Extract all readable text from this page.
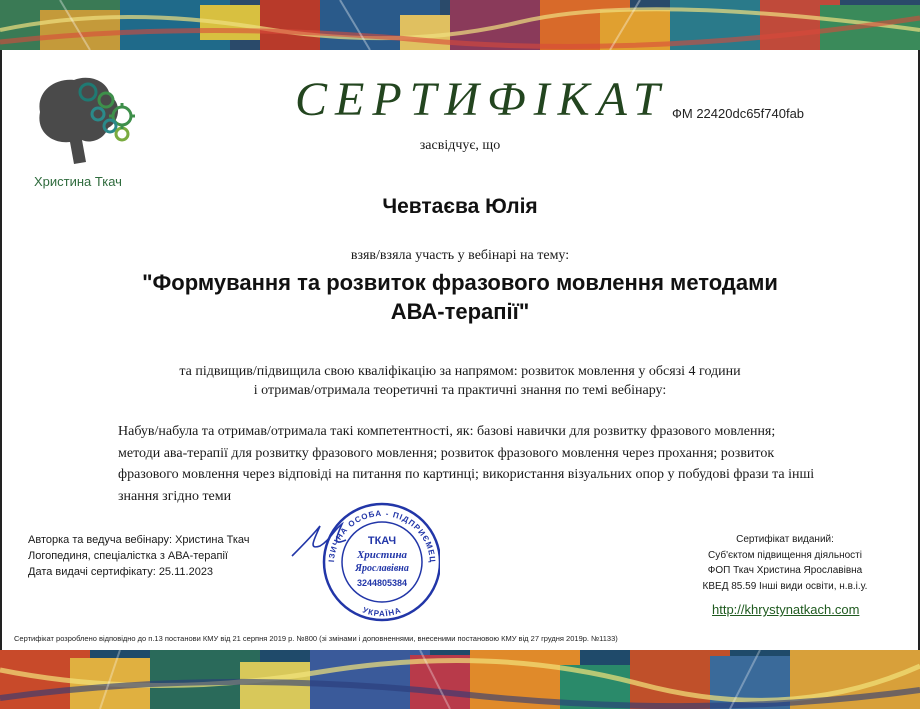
Христина Ткач
СЕРТИФІКАТ ФМ 22420dc65f740fab
засвідчує, що
Чевтаєва Юлія
взяв/взяла участь у вебінарі на тему:
"Формування та розвиток фразового мовлення методами
АВА-терапії"
та підвищив/підвищила свою кваліфікацію за напрямом: розвиток мовлення у обсязі 4 години
і отримав/отримала теоретичні та практичні знання по темі вебінару:
Набув/набула та отримав/отримала такі компетентності, як: базові навички для розвитку фразового мовлення; методи ава-терапії для розвитку фразового мовлення; розвиток фразового мовлення через прохання; розвиток фразового мовлення через відповіді на питання по картинці; використання візуальних опор у побудові фрази та інші знання згідно теми
Авторка та ведуча вебінару: Христина Ткач
Логопединя, спеціалістка з АВА-терапії
Дата видачі сертифікату: 25.11.2023
ІЗИЧНА ОСОБА - ПІДПРИЄМЕЦ
УКРАЇНА
ТКАЧ
Христина
Ярославівна
3244805384
Сертифікат виданий:
Суб'єктом підвищення діяльності
ФОП Ткач Христина Ярославівна
КВЕД 85.59 Інші види освіти, н.в.і.у.
http://khrystynatkach.com
Сертифікат розроблено відповідно до п.13 постанови КМУ від 21 серпня 2019 р. №800 (зі змінами і доповненнями, внесеними постановою КМУ від 27 грудня 2019р. №1133)
